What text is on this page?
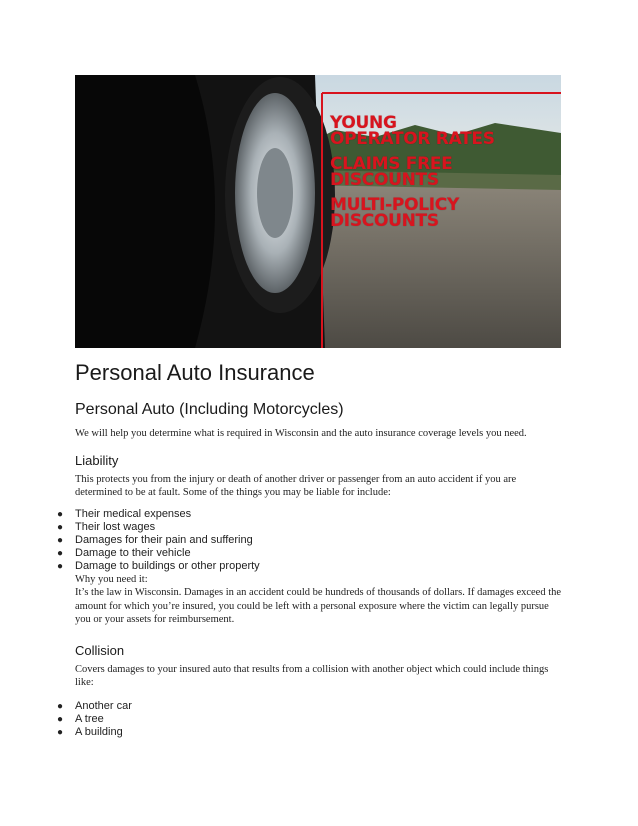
YOUNG
OPERATOR RATES
CLAIMS FREE
DISCOUNTS
MULTI-POLICY
DISCOUNTS
Personal Auto Insurance
Personal Auto (Including Motorcycles)

We will help you determine what is required in Wisconsin and the auto insurance coverage levels you need.

Liability

This protects you from the injury or death of another driver or passenger from an auto accident if you are determined to be at fault. Some of the things you may be liable for include:

● Their medical expenses
● Their lost wages
● Damages for their pain and suffering
● Damage to their vehicle
● Damage to buildings or other property

Why you need it:

It’s the law in Wisconsin. Damages in an accident could be hundreds of thousands of dollars. If damages exceed the amount for which you’re insured, you could be left with a personal exposure where the victim can legally pursue you or your assets for reimbursement.

Collision

Covers damages to your insured auto that results from a collision with another object which could include things like:

● Another car
● A tree
● A building
